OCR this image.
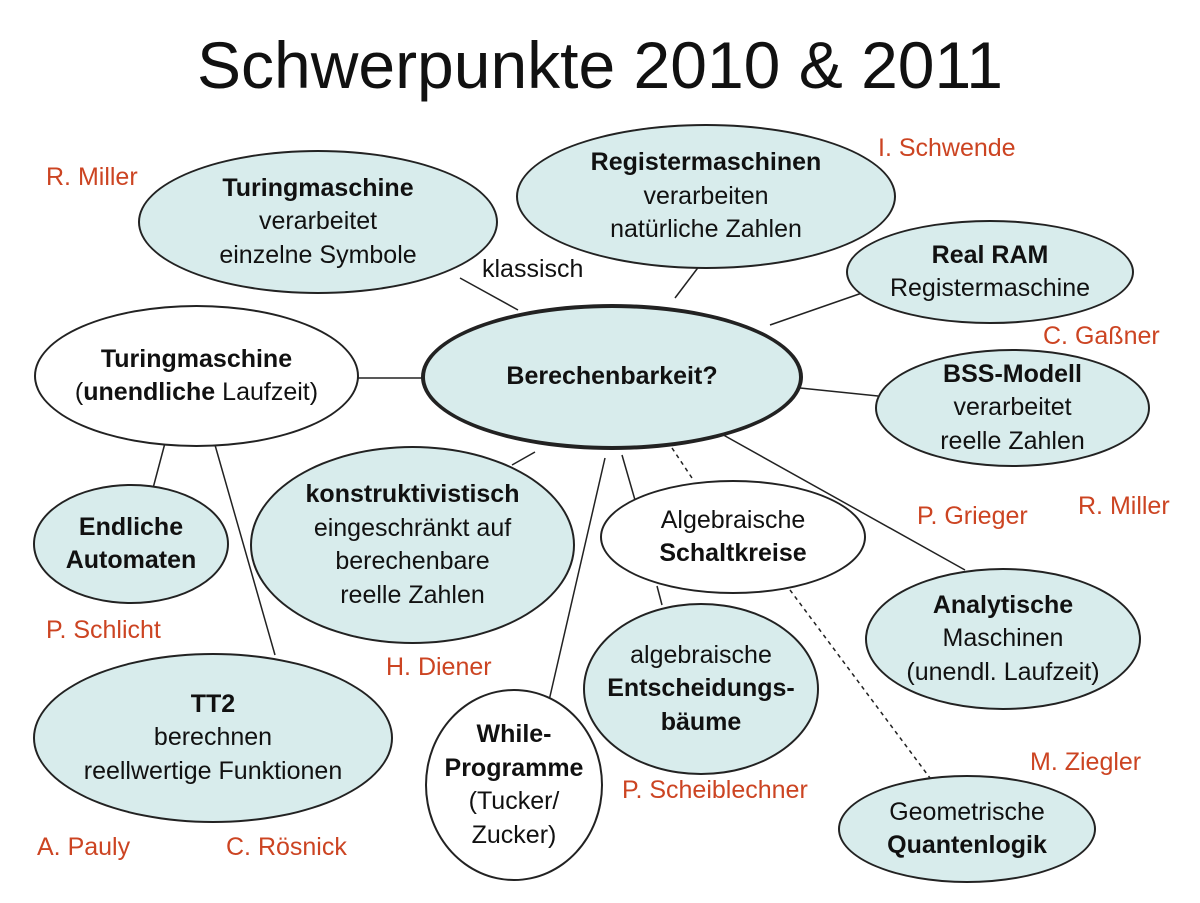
Schwerpunkte 2010 & 2011
klassisch
Berechenbarkeit?
Turingmaschine
verarbeitet
einzelne Symbole
Registermaschinen
verarbeiten
natürliche Zahlen
Real RAM
Registermaschine
Turingmaschine
(unendliche Laufzeit)
BSS-Modell
verarbeitet
reelle Zahlen
Endliche
Automaten
konstruktivistisch
eingeschränkt auf
berechenbare
reelle Zahlen
Algebraische
Schaltkreise
Analytische
Maschinen
(unendl. Laufzeit)
algebraische
Entscheidungs-
bäume
TT2
berechnen
reellwertige Funktionen
While-
Programme
(Tucker/
Zucker)
Geometrische
Quantenlogik
R. Miller
I. Schwende
C. Gaßner
P. Grieger R. Miller
P. Schlicht
H. Diener
M. Ziegler
P. Scheiblechner
A. Pauly	C. Rösnick
